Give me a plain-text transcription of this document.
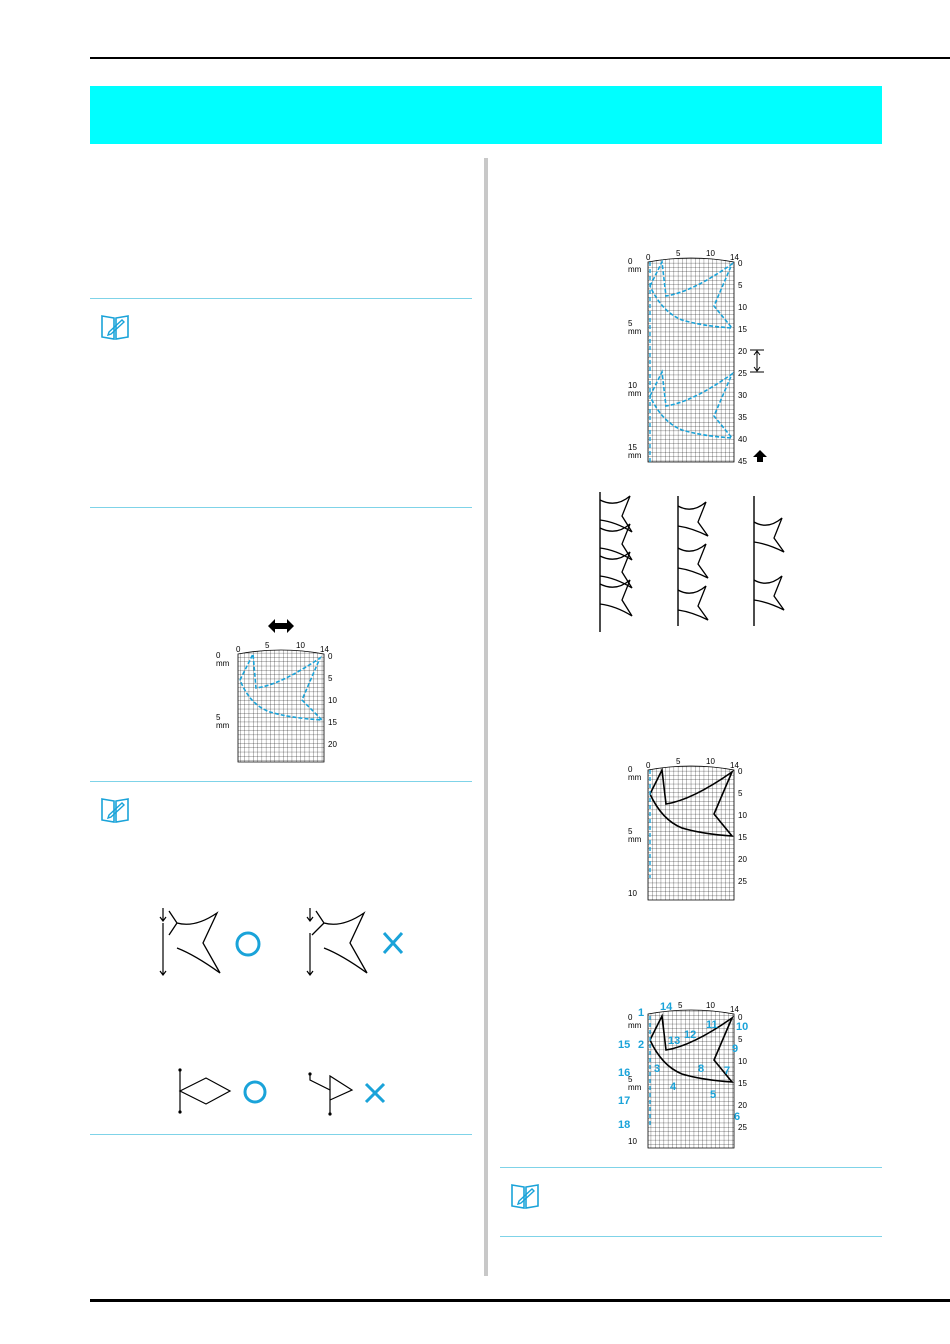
0	5	10 14
0
mm
5
mm
0
5
10
15
20
0	5	10 14
0
mm
5
mm
10
mm
15
mm
0
5
10
15
20
25
30
35
40
45
0	5	10 14
0
mm
5
mm
10
0
5
10
15
20
25
5	10 14
0
mm
5
mm
10
0
5
10
15
20
25
1
2
3
4
5
6
7
8
9
10
11
12
13
14
15
16
17
18
